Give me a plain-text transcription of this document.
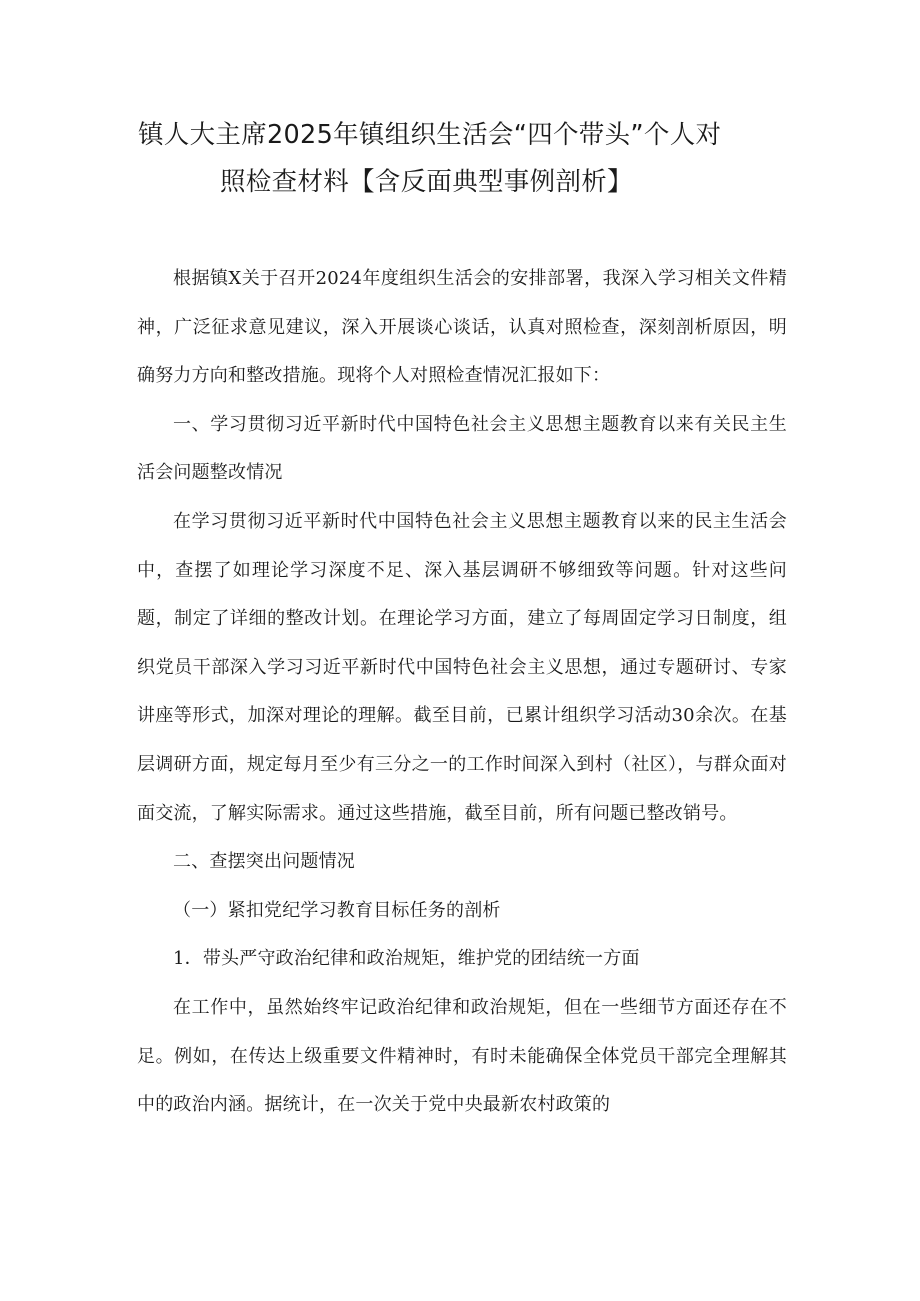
镇人大主席2025年镇组织生活会“四个带头”个人对
照检查材料【含反面典型事例剖析】

根据镇X关于召开2024年度组织生活会的安排部署，我深入学习相关文件精神，广泛征求意见建议，深入开展谈心谈话，认真对照检查，深刻剖析原因，明确努力方向和整改措施。现将个人对照检查情况汇报如下：

一、学习贯彻习近平新时代中国特色社会主义思想主题教育以来有关民主生活会问题整改情况

在学习贯彻习近平新时代中国特色社会主义思想主题教育以来的民主生活会中，查摆了如理论学习深度不足、深入基层调研不够细致等问题。针对这些问题，制定了详细的整改计划。在理论学习方面，建立了每周固定学习日制度，组织党员干部深入学习习近平新时代中国特色社会主义思想，通过专题研讨、专家讲座等形式，加深对理论的理解。截至目前，已累计组织学习活动30余次。在基层调研方面，规定每月至少有三分之一的工作时间深入到村（社区），与群众面对面交流，了解实际需求。通过这些措施，截至目前，所有问题已整改销号。

二、查摆突出问题情况

（一）紧扣党纪学习教育目标任务的剖析

1．带头严守政治纪律和政治规矩，维护党的团结统一方面

在工作中，虽然始终牢记政治纪律和政治规矩，但在一些细节方面还存在不足。例如，在传达上级重要文件精神时，有时未能确保全体党员干部完全理解其中的政治内涵。据统计，在一次关于党中央最新农村政策的
